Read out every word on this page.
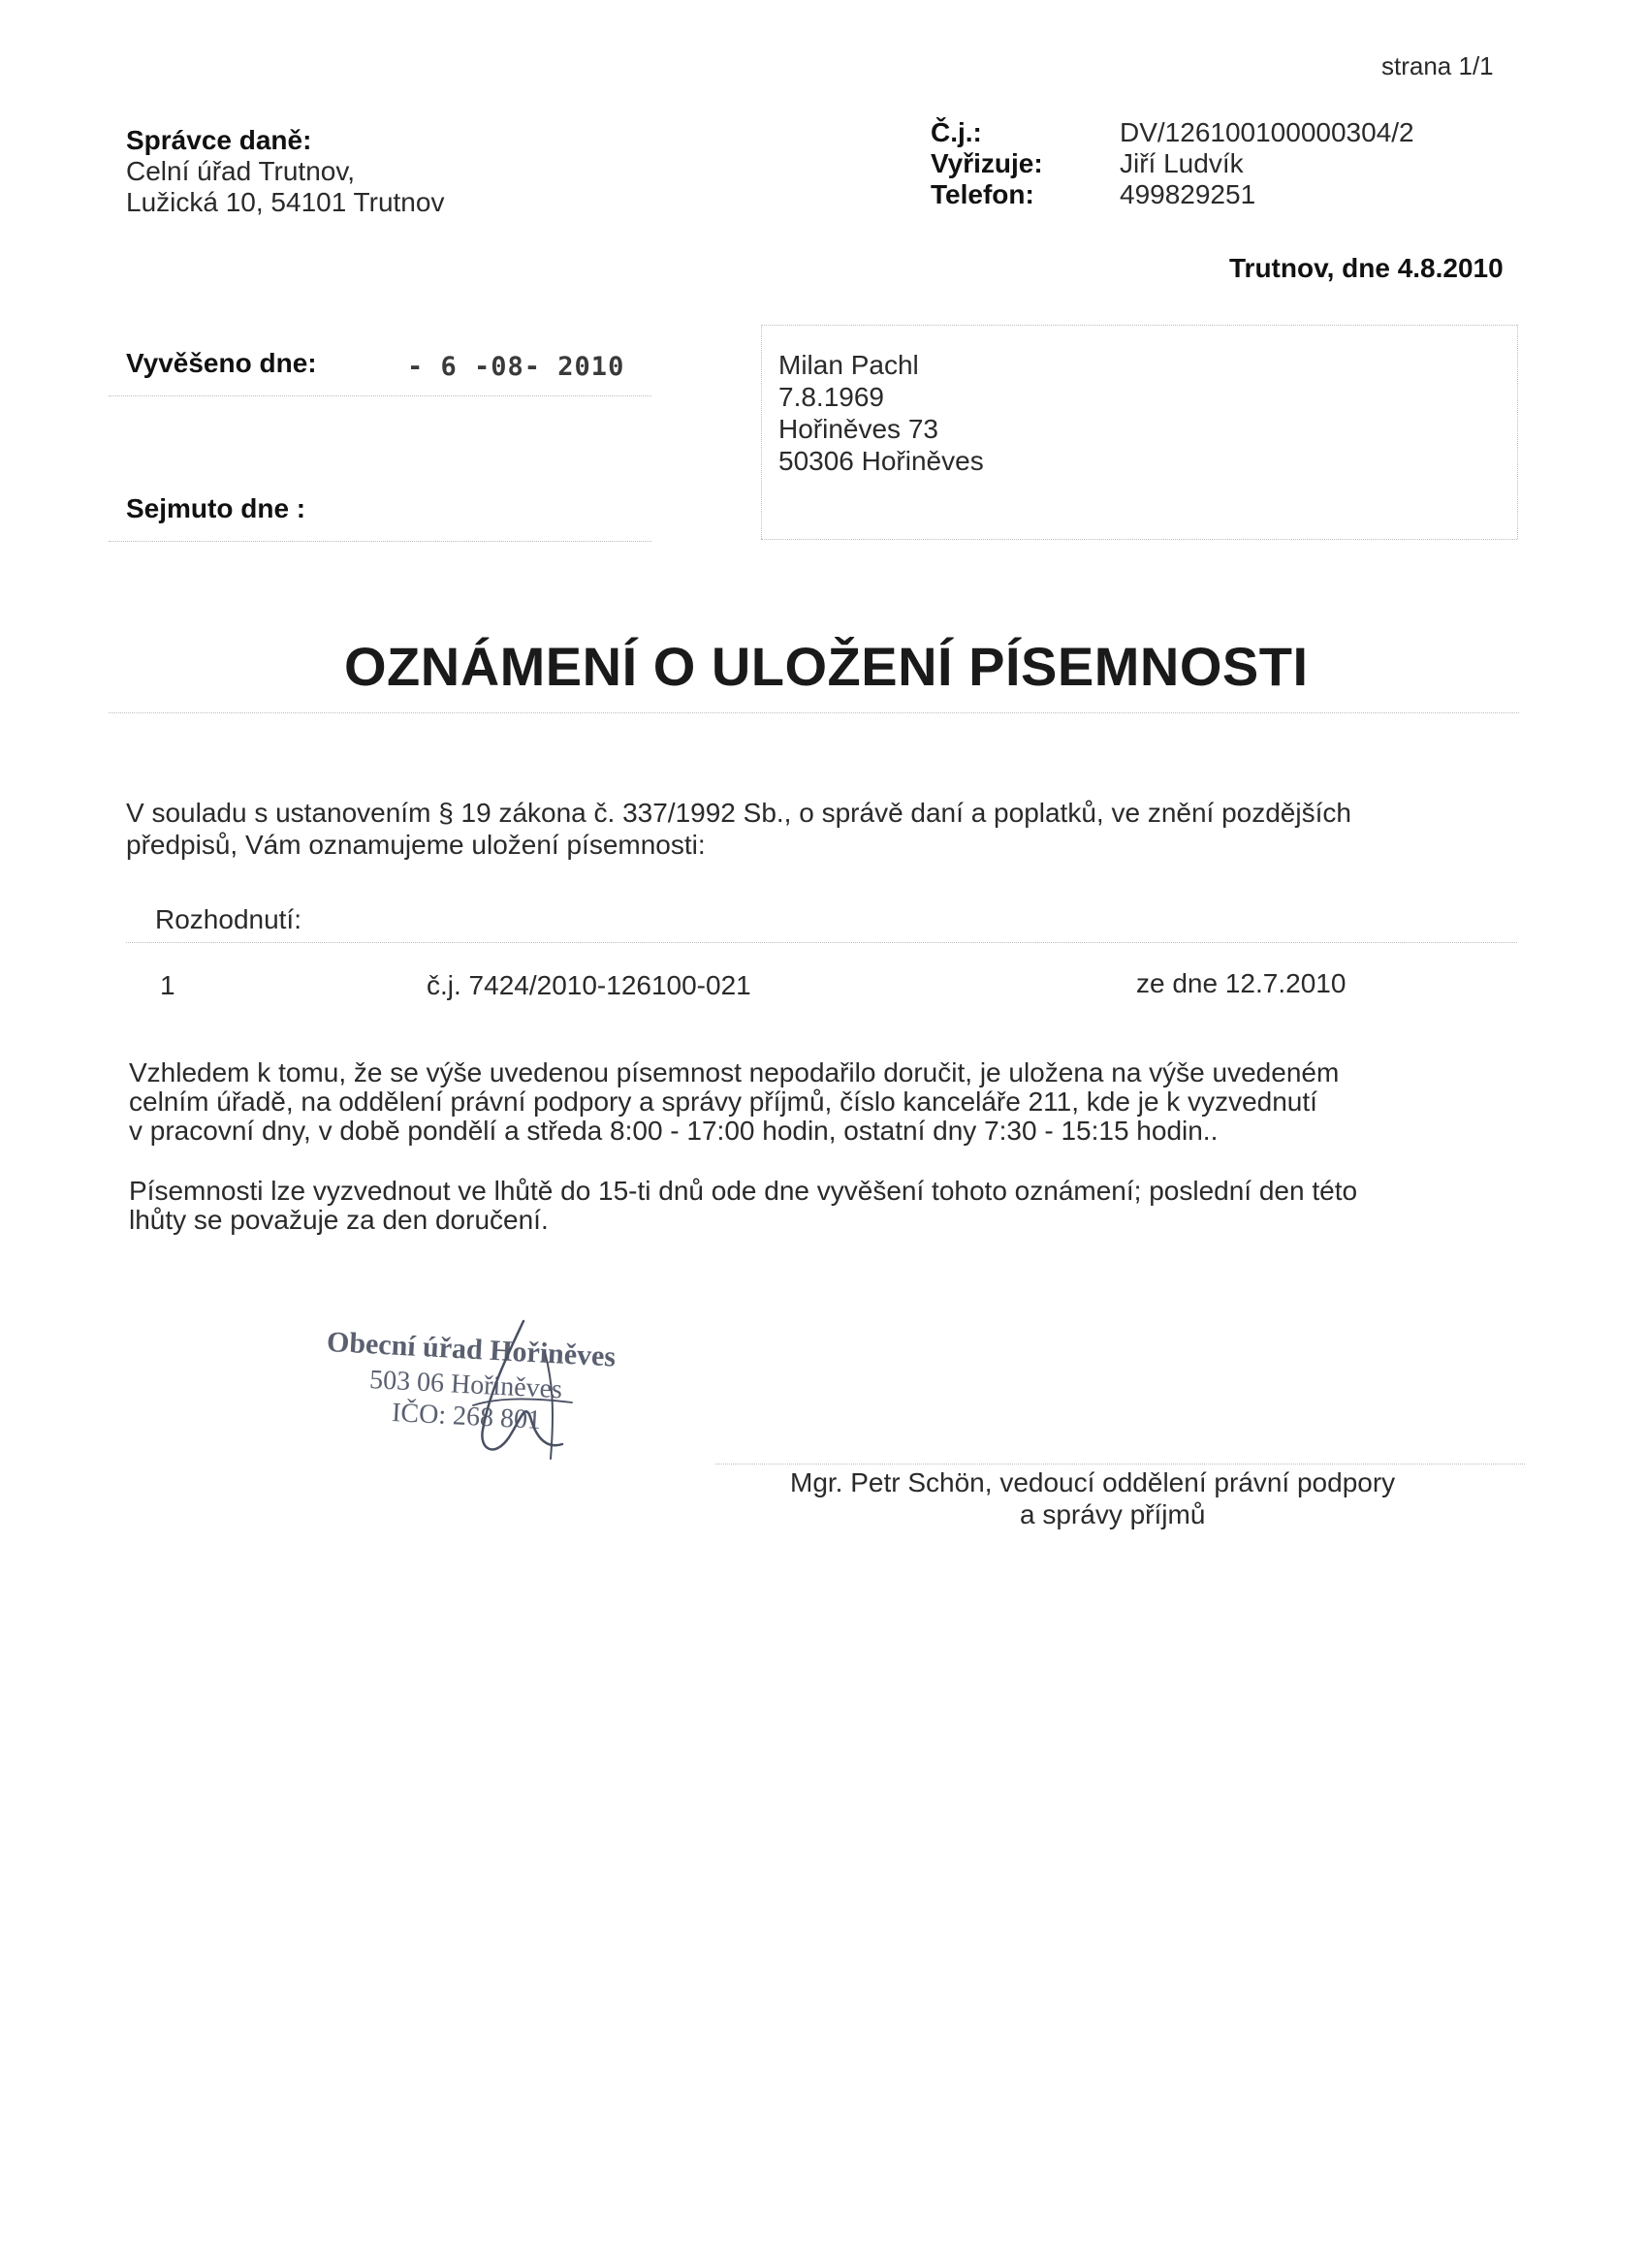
strana 1/1
Správce daně:
Celní úřad Trutnov,
Lužická 10, 54101 Trutnov
Č.j.:	DV/126100100000304/2
Vyřizuje:	Jiří Ludvík
Telefon:	499829251
Trutnov, dne 4.8.2010
Vyvěšeno dne:	- 6 -08- 2010
Sejmuto dne :
Milan Pachl
7.8.1969
Hořiněves 73
50306 Hořiněves
OZNÁMENÍ O ULOŽENÍ PÍSEMNOSTI
V souladu s ustanovením § 19 zákona č. 337/1992 Sb., o správě daní a poplatků, ve znění pozdějších
předpisů, Vám oznamujeme uložení písemnosti:
Rozhodnutí:
1	č.j. 7424/2010-126100-021	ze dne 12.7.2010
Vzhledem k tomu, že se výše uvedenou písemnost nepodařilo doručit, je uložena na výše uvedeném
celním úřadě, na oddělení právní podpory a správy příjmů, číslo kanceláře 211, kde je k vyzvednutí
v pracovní dny, v době pondělí a středa 8:00 - 17:00 hodin, ostatní dny 7:30 - 15:15 hodin..
Písemnosti lze vyzvednout ve lhůtě do 15-ti dnů ode dne vyvěšení tohoto oznámení; poslední den této
lhůty se považuje za den doručení.
Obecní úřad Hořiněves
503 06 Hořiněves
IČO: 268 801
Mgr. Petr Schön, vedoucí oddělení právní podpory
a správy příjmů
